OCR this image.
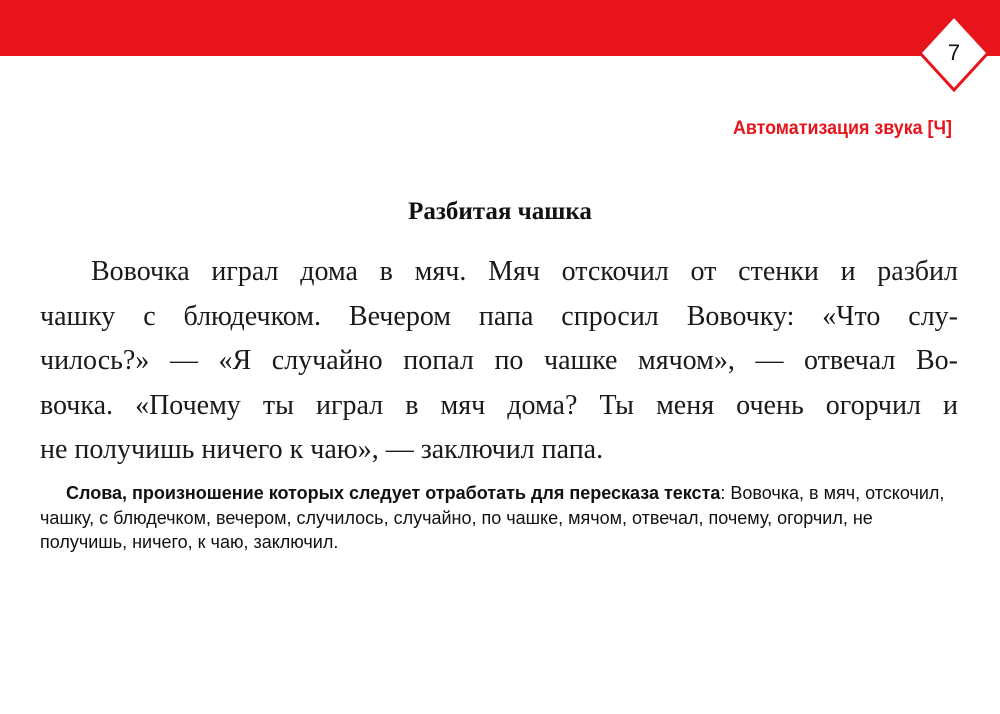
7
Автоматизация звука [Ч]
Разбитая чашка
Вовочка играл дома в мяч. Мяч отскочил от стенки и разбил
чашку с блюдечком. Вечером папа спросил Вовочку: «Что слу-
чилось?» — «Я случайно попал по чашке мячом», — отвечал Во-
вочка. «Почему ты играл в мяч дома? Ты меня очень огорчил и
не получишь ничего к чаю», — заключил папа.
Слова, произношение которых следует отработать для пересказа текста: Вовочка, в мяч, отскочил, чашку, с блюдечком, вечером, случилось, случайно, по чашке, мячом, отвечал, почему, огорчил, не получишь, ничего, к чаю, заключил.
